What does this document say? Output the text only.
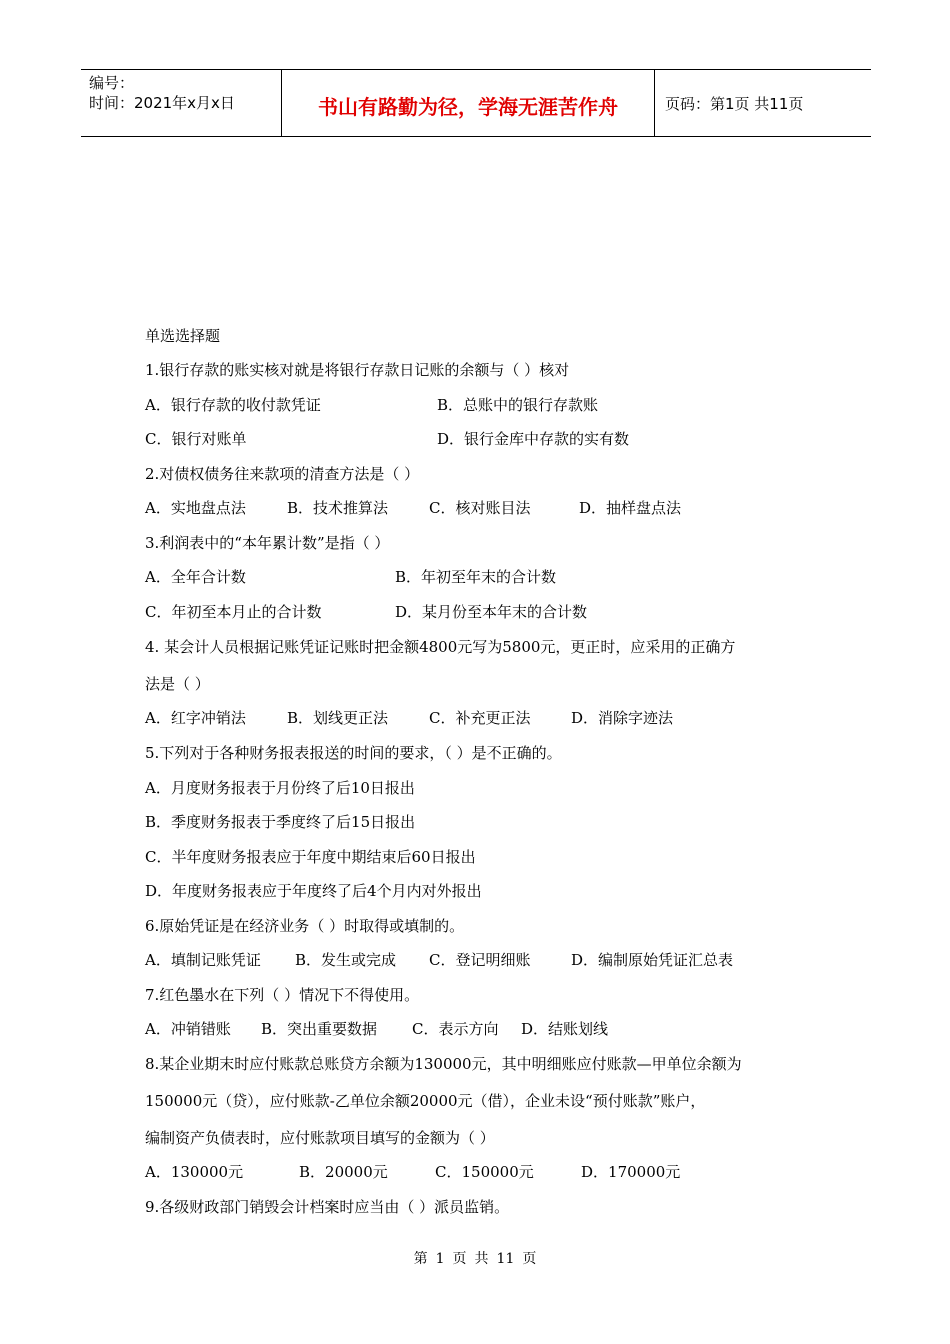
编号：
时间：2021年x月x日	书山有路勤为径，学海无涯苦作舟	页码：第1页 共11页
单选选择题
1.银行存款的账实核对就是将银行存款日记账的余额与（ ）核对
A．银行存款的收付款凭证	B．总账中的银行存款账
C．银行对账单	D．银行金库中存款的实有数
2.对债权债务往来款项的清查方法是（ ）
A．实地盘点法	B．技术推算法	C．核对账目法	D．抽样盘点法
3.利润表中的“本年累计数”是指（ ）
A．全年合计数	B．年初至年末的合计数
C．年初至本月止的合计数	D．某月份至本年末的合计数
4. 某会计人员根据记账凭证记账时把金额4800元写为5800元，更正时，应采用的正确方
法是（ ）
A．红字冲销法	B．划线更正法	C．补充更正法	D．消除字迹法
5.下列对于各种财务报表报送的时间的要求，（ ）是不正确的。
A．月度财务报表于月份终了后10日报出
B．季度财务报表于季度终了后15日报出
C．半年度财务报表应于年度中期结束后60日报出
D．年度财务报表应于年度终了后4个月内对外报出
6.原始凭证是在经济业务（ ）时取得或填制的。
A．填制记账凭证 B．发生或完成 C．登记明细账	D．编制原始凭证汇总表
7.红色墨水在下列（ ）情况下不得使用。
A．冲销错账 B．突出重要数据 C．表示方向 D．结账划线
8.某企业期末时应付账款总账贷方余额为130000元，其中明细账应付账款—甲单位余额为
150000元（贷），应付账款-乙单位余额20000元（借），企业未设“预付账款”账户，
编制资产负债表时，应付账款项目填写的金额为（ ）
A．130000元	B．20000元	C．150000元	D．170000元
9.各级财政部门销毁会计档案时应当由（ ）派员监销。
第 1 页 共 11 页
